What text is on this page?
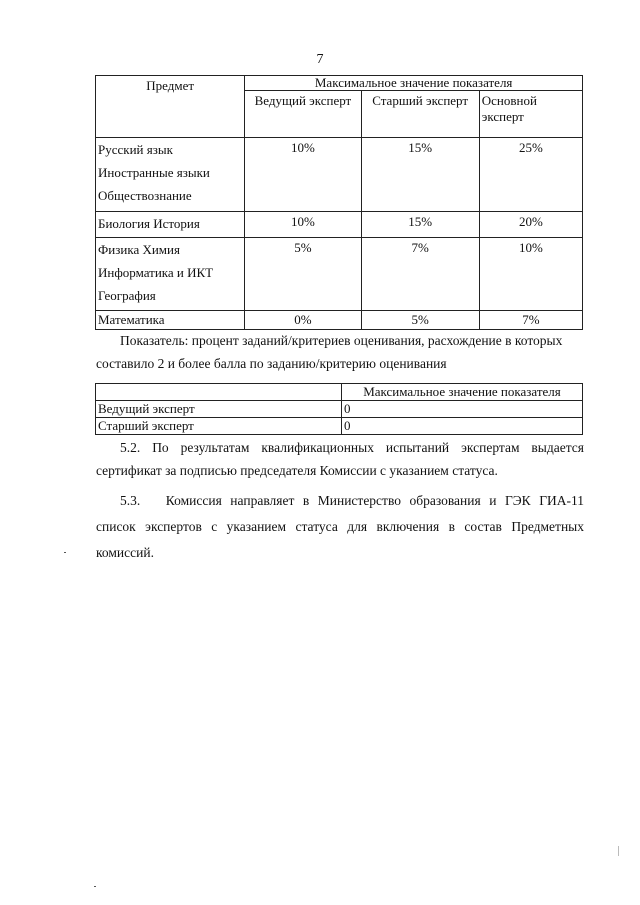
7
Предмет	Максимальное значение показателя		
	Ведущий эксперт	Старший эксперт	Основной эксперт

Русский язык
Иностранные языки
Обществознание	10%	15%	25%

Биология История	10%	15%	20%

Физика Химия
Информатика и ИКТ
География	5%	7%	10%

Математика	0%	5%	7%
Показатель: процент заданий/критериев оценивания, расхождение в которых
составило 2 и более балла по заданию/критерию оценивания
	Максимальное значение показателя
Ведущий эксперт	0
Старший эксперт	0
5.2. По результатам квалификационных испытаний экспертам выдается
сертификат за подписью председателя Комиссии с указанием статуса.
5.3.   Комиссия направляет в Министерство образования и ГЭК ГИА-11
список экспертов с указанием статуса для включения в состав Предметных
комиссий.
